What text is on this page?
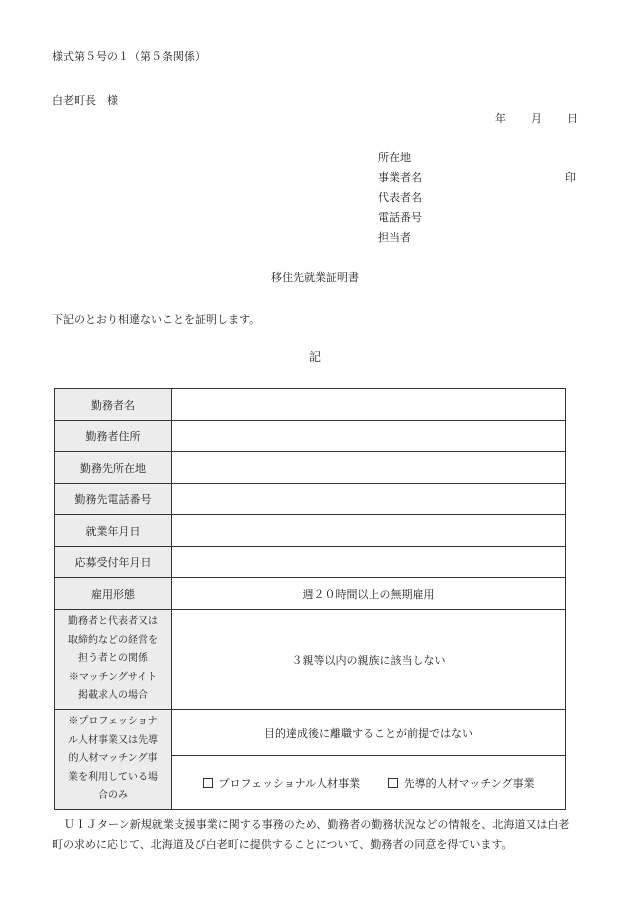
様式第５号の１（第５条関係）
白老町長　様
年 月 日
所在地
事業者名	印
代表者名
電話番号
担当者
移住先就業証明書
下記のとおり相違ないことを証明します。
記
勤務者名	
勤務者住所	
勤務先所在地	
勤務先電話番号	
就業年月日	
応募受付年月日	
雇用形態	週２０時間以上の無期雇用

勤務者と代表者又は
取締約などの経営を
担う者との関係
※マッチングサイト
掲載求人の場合	３親等以内の親族に該当しない

※プロフェッショナ
ル人材事業又は先導
的人材マッチング事
業を利用している場
合のみ	目的達成後に離職することが前提ではない
	プロフェッショナル人材事業 先導的人材マッチング事業
ＵＩＪターン新規就業支援事業に関する事務のため、勤務者の勤務状況などの情報を、北海道又は白老町の求めに応じて、北海道及び白老町に提供することについて、勤務者の同意を得ています。
